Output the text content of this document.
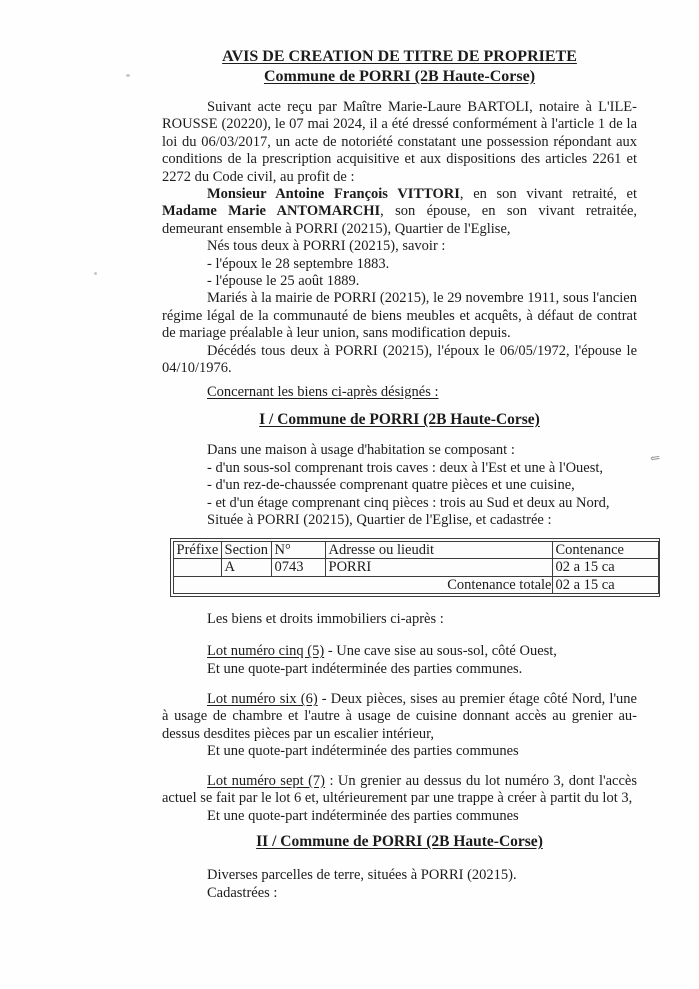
AVIS DE CREATION DE TITRE DE PROPRIETE
Commune de PORRI (2B Haute-Corse)

Suivant acte reçu par Maître Marie-Laure BARTOLI, notaire à L'ILE-ROUSSE (20220), le 07 mai 2024, il a été dressé conformément à l'article 1 de la loi du 06/03/2017, un acte de notoriété constatant une possession répondant aux conditions de la prescription acquisitive et aux dispositions des articles 2261 et 2272 du Code civil, au profit de :

Monsieur Antoine François VITTORI, en son vivant retraité, et Madame Marie ANTOMARCHI, son épouse, en son vivant retraitée, demeurant ensemble à PORRI (20215), Quartier de l'Eglise,

Nés tous deux à PORRI (20215), savoir :
- l'époux le 28 septembre 1883.
- l'épouse le 25 août 1889.

Mariés à la mairie de PORRI (20215), le 29 novembre 1911, sous l'ancien régime légal de la communauté de biens meubles et acquêts, à défaut de contrat de mariage préalable à leur union, sans modification depuis.

Décédés tous deux à PORRI (20215), l'époux le 06/05/1972, l'épouse le 04/10/1976.

Concernant les biens ci-après désignés :
I / Commune de PORRI (2B Haute-Corse)
Dans une maison à usage d'habitation se composant :
- d'un sous-sol comprenant trois caves : deux à l'Est et une à l'Ouest,
- d'un rez-de-chaussée comprenant quatre pièces et une cuisine,
- et d'un étage comprenant cinq pièces : trois au Sud et deux au Nord,
Située à PORRI (20215), Quartier de l'Eglise, et cadastrée :
Préfixe	Section	N°	Adresse ou lieudit	Contenance
	A	0743	PORRI	02 a 15 ca
Contenance totale				02 a 15 ca
Les biens et droits immobiliers ci-après :

Lot numéro cinq (5) - Une cave sise au sous-sol, côté Ouest,

Et une quote-part indéterminée des parties communes.

Lot numéro six (6) - Deux pièces, sises au premier étage côté Nord, l'une à usage de chambre et l'autre à usage de cuisine donnant accès au grenier au-dessus desdites pièces par un escalier intérieur,

Et une quote-part indéterminée des parties communes

Lot numéro sept (7) : Un grenier au dessus du lot numéro 3, dont l'accès actuel se fait par le lot 6 et, ultérieurement par une trappe à créer à partit du lot 3,

Et une quote-part indéterminée des parties communes
II / Commune de PORRI (2B Haute-Corse)
Diverses parcelles de terre, situées à PORRI (20215).
Cadastrées :
⇐
